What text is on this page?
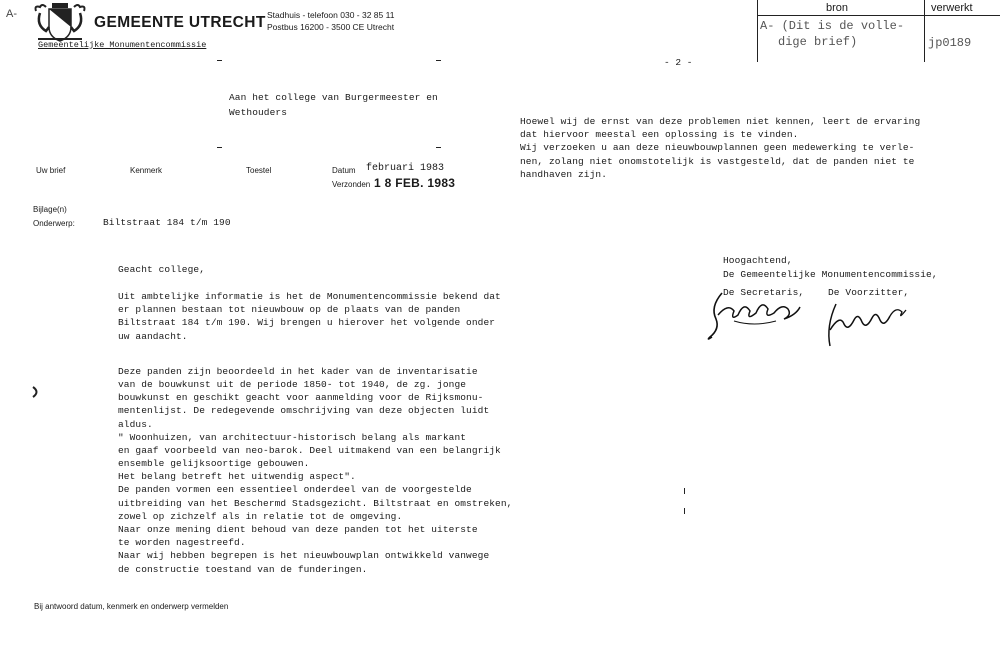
A-	GEMEENTE UTRECHT Stadhuis - telefoon 030 - 32 85 11
Postbus 16200 - 3500 CE Utrecht
Gemeentelijke Monumentencommissie
Aan het college van Burgermeester en
Wethouders
Uw brief	Kenmerk	Toestel	Datum februari 1983
Verzonden 1 8 FEB. 1983
Bijlage(n)
Onderwerp:	Biltstraat 184 t/m 190
Geacht college,
Uit ambtelijke informatie is het de Monumentencommissie bekend dat
er plannen bestaan tot nieuwbouw op de plaats van de panden
Biltstraat 184 t/m 190. Wij brengen u hierover het volgende onder
uw aandacht.
Deze panden zijn beoordeeld in het kader van de inventarisatie
van de bouwkunst uit de periode 1850- tot 1940, de zg. jonge
bouwkunst en geschikt geacht voor aanmelding voor de Rijksmonu-
mentenlijst. De redegevende omschrijving van deze objecten luidt
aldus.
" Woonhuizen, van architectuur-historisch belang als markant
en gaaf voorbeeld van neo-barok. Deel uitmakend van een belangrijk
ensemble gelijksoortige gebouwen.
Het belang betreft het uitwendig aspect".
De panden vormen een essentieel onderdeel van de voorgestelde
uitbreiding van het Beschermd Stadsgezicht. Biltstraat en omstreken,
zowel op zichzelf als in relatie tot de omgeving.
Naar onze mening dient behoud van deze panden tot het uiterste
te worden nagestreefd.
Naar wij hebben begrepen is het nieuwbouwplan ontwikkeld vanwege
de constructie toestand van de funderingen.
Bij antwoord datum, kenmerk en onderwerp vermelden
bron	verwerkt
A- (Dit is de volle-
dige brief)	jp0189
- 2 -
Hoewel wij de ernst van deze problemen niet kennen, leert de ervaring
dat hiervoor meestal een oplossing is te vinden.
Wij verzoeken u aan deze nieuwbouwplannen geen medewerking te verle-
nen, zolang niet onomstotelijk is vastgesteld, dat de panden niet te
handhaven zijn.
Hoogachtend,
De Gemeentelijke Monumentencommissie,
De Secretaris,	De Voorzitter,
